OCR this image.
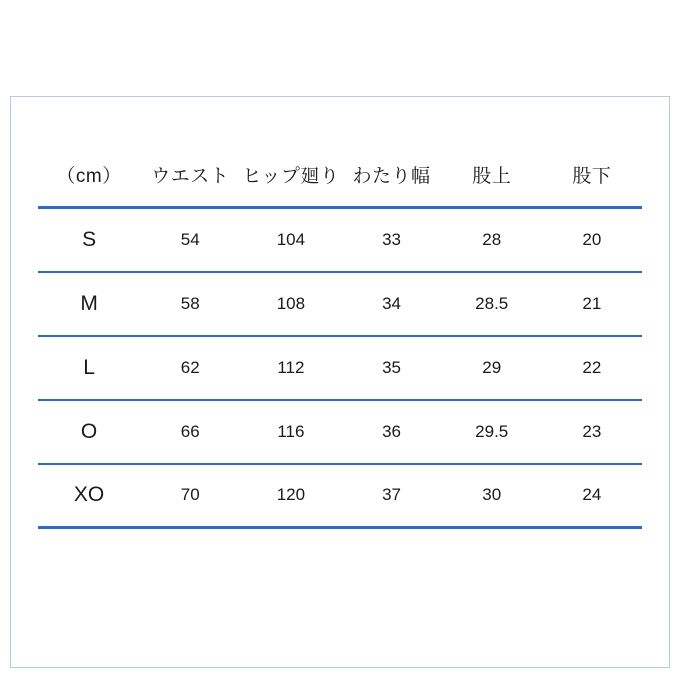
（cm）	ウエスト	ヒップ廻り	わたり幅	股上	股下
S	54	104	33	28	20
M	58	108	34	28.5	21
L	62	112	35	29	22
O	66	116	36	29.5	23
XO	70	120	37	30	24
